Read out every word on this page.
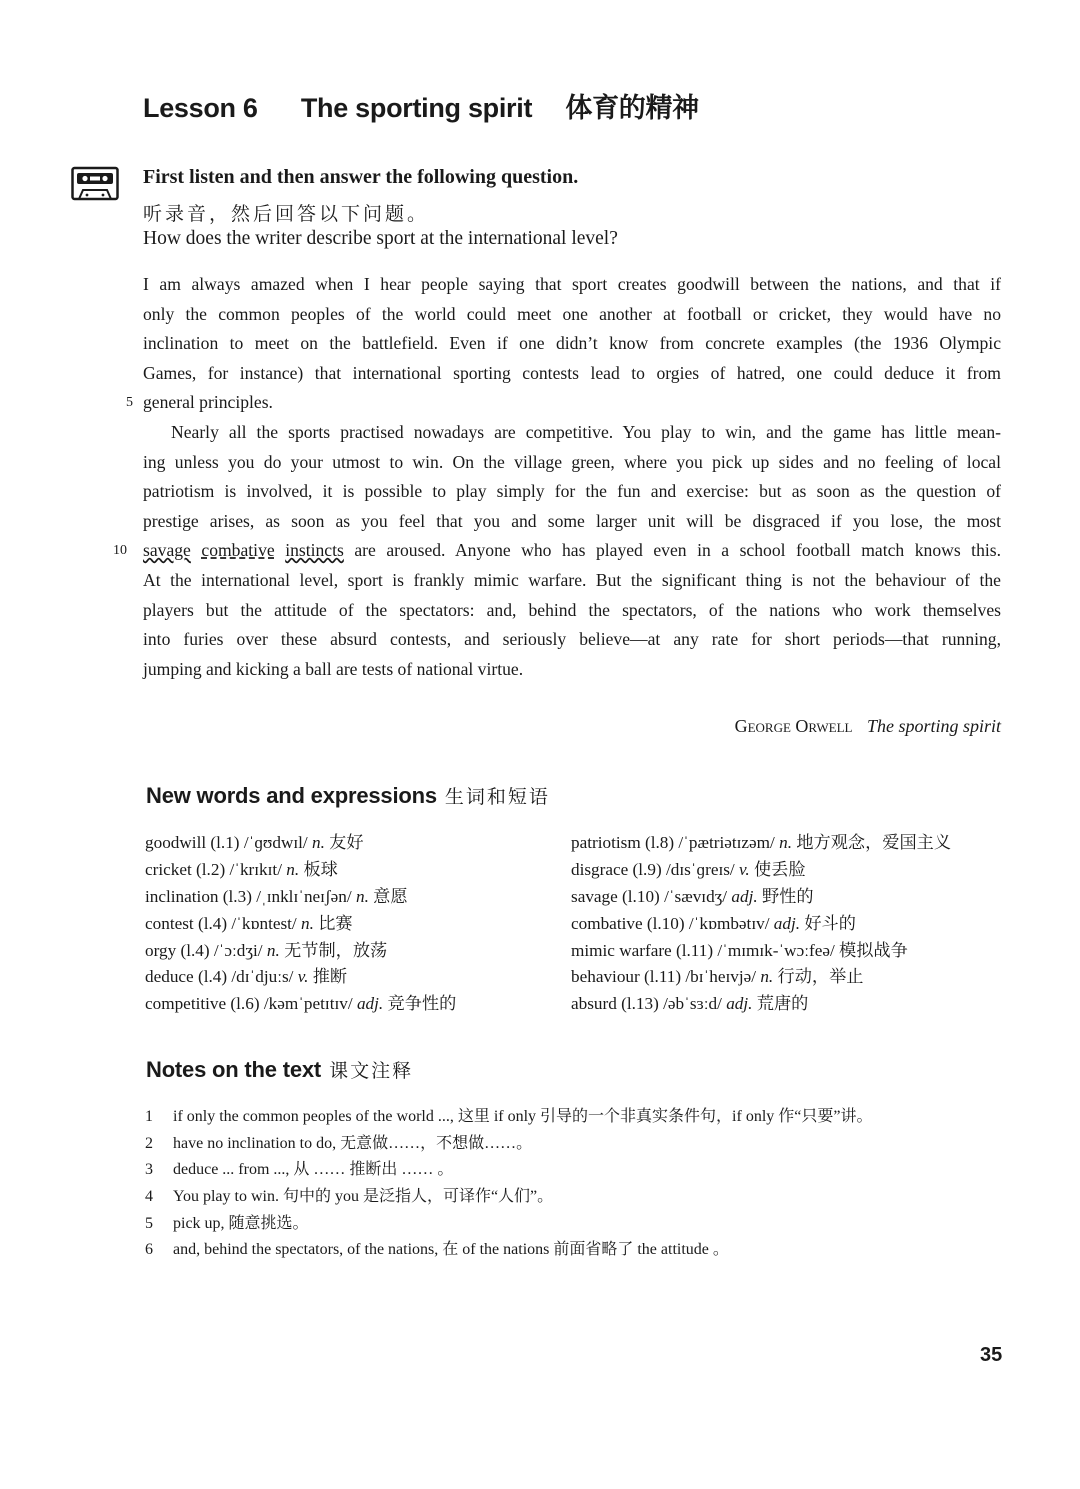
Lesson 6 The sporting spirit 体育的精神
First listen and then answer the following question.
听录音，然后回答以下问题。
How does the writer describe sport at the international level?
I am always amazed when I hear people saying that sport creates goodwill between the nations, and that if
only the common peoples of the world could meet one another at football or cricket, they would have no
inclination to meet on the battlefield. Even if one didn’t know from concrete examples (the 1936 Olympic
Games, for instance) that international sporting contests lead to orgies of hatred, one could deduce it from
5 general principles.
Nearly all the sports practised nowadays are competitive. You play to win, and the game has little mean-
ing unless you do your utmost to win. On the village green, where you pick up sides and no feeling of local
patriotism is involved, it is possible to play simply for the fun and exercise: but as soon as the question of
prestige arises, as soon as you feel that you and some larger unit will be disgraced if you lose, the most
10 savage combative instincts are aroused. Anyone who has played even in a school football match knows this.
At the international level, sport is frankly mimic warfare. But the significant thing is not the behaviour of the
players but the attitude of the spectators: and, behind the spectators, of the nations who work themselves
into furies over these absurd contests, and seriously believe—at any rate for short periods—that running,
jumping and kicking a ball are tests of national virtue.
George Orwell The sporting spirit
New words and expressions 生词和短语
goodwill (l.1) /ˈɡʊdwɪl/ n. 友好
cricket (l.2) /ˈkrɪkɪt/ n. 板球
inclination (l.3) /ˌɪnklɪˈneɪʃən/ n. 意愿
contest (l.4) /ˈkɒntest/ n. 比赛
orgy (l.4) /ˈɔːdʒi/ n. 无节制，放荡
deduce (l.4) /dɪˈdjuːs/ v. 推断
competitive (l.6) /kəmˈpetɪtɪv/ adj. 竞争性的
patriotism (l.8) /ˈpætriətɪzəm/ n. 地方观念，爱国主义
disgrace (l.9) /dɪsˈɡreɪs/ v. 使丢脸
savage (l.10) /ˈsævɪdʒ/ adj. 野性的
combative (l.10) /ˈkɒmbətɪv/ adj. 好斗的
mimic warfare (l.11) /ˈmɪmɪk-ˈwɔːfeə/ 模拟战争
behaviour (l.11) /bɪˈheɪvjə/ n. 行动，举止
absurd (l.13) /əbˈsɜːd/ adj. 荒唐的
Notes on the text 课文注释
1 if only the common peoples of the world ..., 这里 if only 引导的一个非真实条件句，if only 作“只要”讲。
2 have no inclination to do, 无意做……，不想做……。
3 deduce ... from ..., 从 …… 推断出 …… 。
4 You play to win. 句中的 you 是泛指人，可译作“人们”。
5 pick up, 随意挑选。
6 and, behind the spectators, of the nations, 在 of the nations 前面省略了 the attitude 。
35
